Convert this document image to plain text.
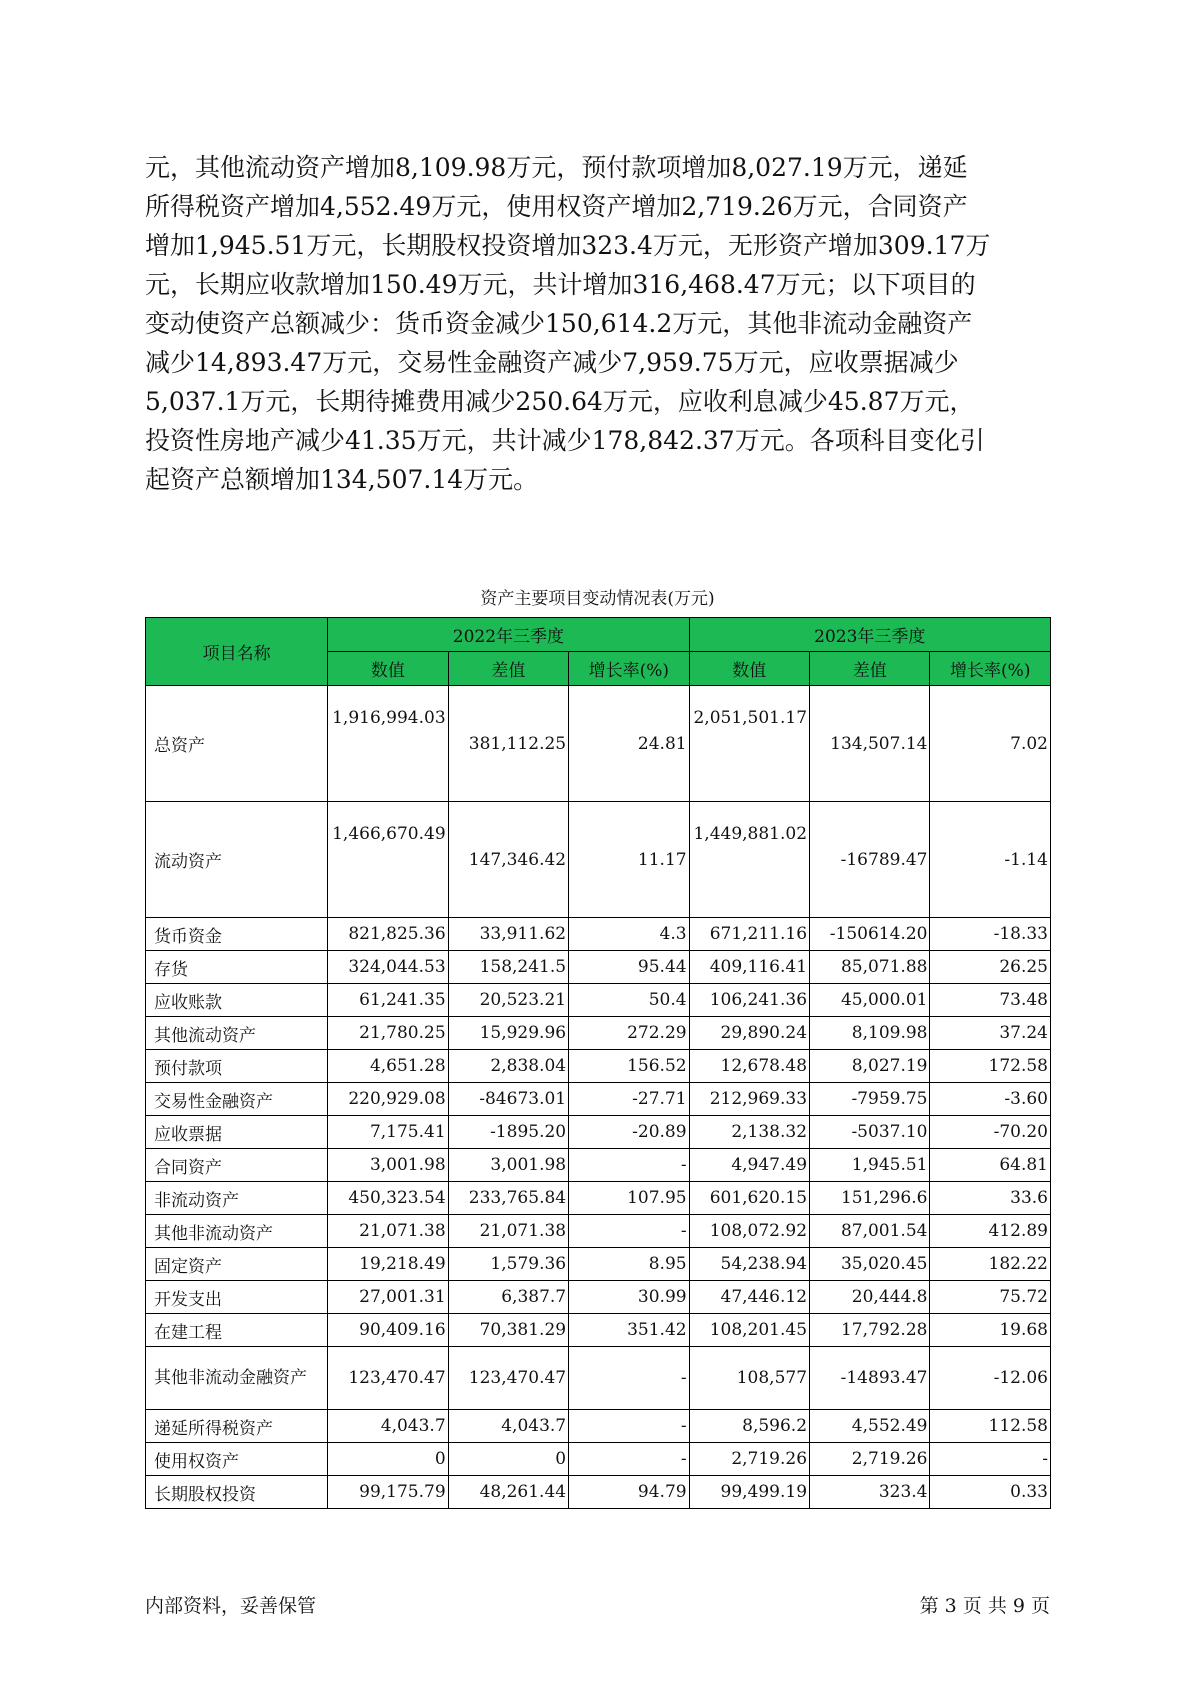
元，其他流动资产增加8,109.98万元，预付款项增加8,027.19万元，递延

所得税资产增加4,552.49万元，使用权资产增加2,719.26万元，合同资产

增加1,945.51万元，长期股权投资增加323.4万元，无形资产增加309.17万

元，长期应收款增加150.49万元，共计增加316,468.47万元；以下项目的

变动使资产总额减少：货币资金减少150,614.2万元，其他非流动金融资产

减少14,893.47万元，交易性金融资产减少7,959.75万元，应收票据减少

5,037.1万元，长期待摊费用减少250.64万元，应收利息减少45.87万元，

投资性房地产减少41.35万元，共计减少178,842.37万元。各项科目变化引

起资产总额增加134,507.14万元。

资产主要项目变动情况表(万元)
项目名称	2022年三季度			2023年三季度		
	数值	差值	增长率(%)	数值	差值	增长率(%)
总资产	1,916,994.03	381,112.25	24.81	2,051,501.17	134,507.14	7.02
流动资产	1,466,670.49	147,346.42	11.17	1,449,881.02	-16789.47	-1.14
货币资金	821,825.36	33,911.62	4.3	671,211.16	-150614.20	-18.33
存货	324,044.53	158,241.5	95.44	409,116.41	85,071.88	26.25
应收账款	61,241.35	20,523.21	50.4	106,241.36	45,000.01	73.48
其他流动资产	21,780.25	15,929.96	272.29	29,890.24	8,109.98	37.24
预付款项	4,651.28	2,838.04	156.52	12,678.48	8,027.19	172.58
交易性金融资产	220,929.08	-84673.01	-27.71	212,969.33	-7959.75	-3.60
应收票据	7,175.41	-1895.20	-20.89	2,138.32	-5037.10	-70.20
合同资产	3,001.98	3,001.98	-	4,947.49	1,945.51	64.81
非流动资产	450,323.54	233,765.84	107.95	601,620.15	151,296.6	33.6
其他非流动资产	21,071.38	21,071.38	-	108,072.92	87,001.54	412.89
固定资产	19,218.49	1,579.36	8.95	54,238.94	35,020.45	182.22
开发支出	27,001.31	6,387.7	30.99	47,446.12	20,444.8	75.72
在建工程	90,409.16	70,381.29	351.42	108,201.45	17,792.28	19.68
其他非流动金融资产	123,470.47	123,470.47	-	108,577	-14893.47	-12.06
递延所得税资产	4,043.7	4,043.7	-	8,596.2	4,552.49	112.58
使用权资产	0	0	-	2,719.26	2,719.26	-
长期股权投资	99,175.79	48,261.44	94.79	99,499.19	323.4	0.33
内部资料，妥善保管	第 3 页 共 9 页
